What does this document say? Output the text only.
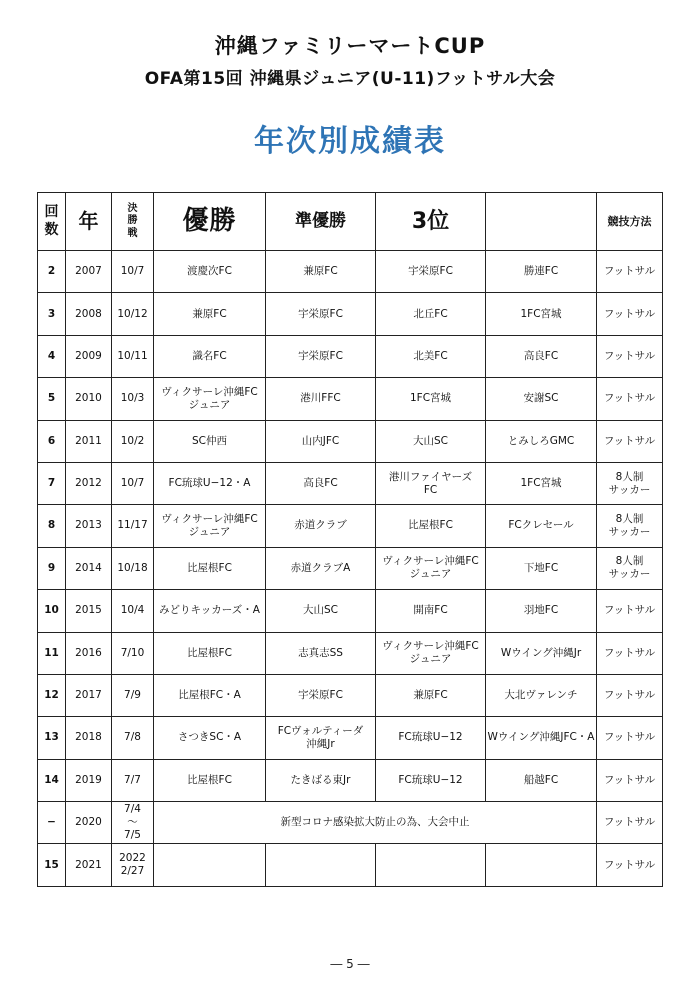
沖縄ファミリーマートCUP
OFA第15回 沖縄県ジュニア(U-11)フットサル大会
年次別成績表
回
数	年	決
勝
戦	優勝	準優勝	3位		競技方法
2	2007	10/7	渡慶次FC	兼原FC	宇栄原FC	勝連FC	フットサル

3	2008	10/12	兼原FC	宇栄原FC	北丘FC	1FC宮城	フットサル

4	2009	10/11	識名FC	宇栄原FC	北美FC	高良FC	フットサル

5	2010	10/3	ヴィクサーレ沖縄FC
ジュニア	港川FFC	1FC宮城	安謝SC	フットサル

6	2011	10/2	SC仲西	山内JFC	大山SC	とみしろGMC	フットサル

7	2012	10/7	FC琉球U−12・A	高良FC	港川ファイヤーズ
FC	1FC宮城	8人制
サッカー

8	2013	11/17	ヴィクサーレ沖縄FC
ジュニア	赤道クラブ	比屋根FC	FCクレセール	8人制
サッカー

9	2014	10/18	比屋根FC	赤道クラブA	ヴィクサーレ沖縄FC
ジュニア	下地FC	8人制
サッカー

10	2015	10/4	みどりキッカーズ・A	大山SC	開南FC	羽地FC	フットサル

11	2016	7/10	比屋根FC	志真志SS	ヴィクサーレ沖縄FC
ジュニア	Wウイング沖縄Jr	フットサル

12	2017	7/9	比屋根FC・A	宇栄原FC	兼原FC	大北ヴァレンチ	フットサル

13	2018	7/8	さつきSC・A	FCヴォルティーダ
沖縄Jr	FC琉球U−12	Wウイング沖縄JFC・A	フットサル

14	2019	7/7	比屋根FC	たきばる東Jr	FC琉球U−12	船越FC	フットサル

−	2020	7/4
〜
7/5	新型コロナ感染拡大防止の為、大会中止				フットサル
15	2021	2022
2/27					フットサル
― 5 ―
